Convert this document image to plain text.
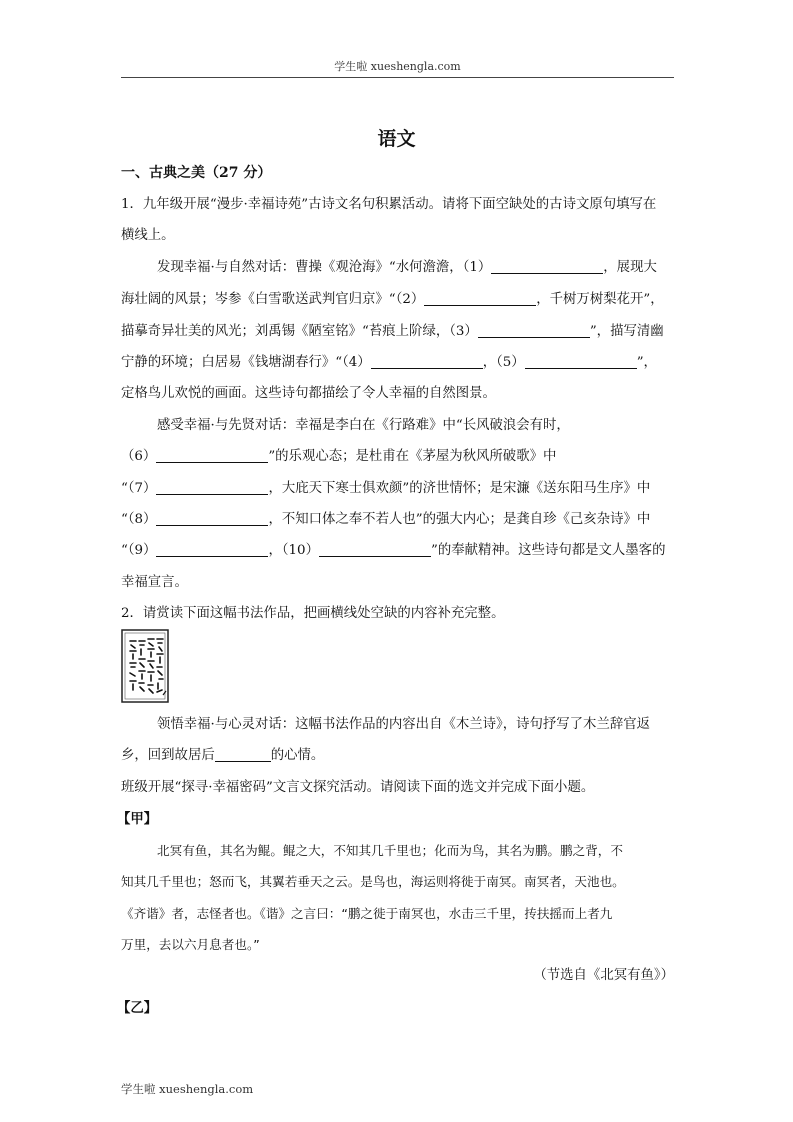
学生啦 xueshengla.com
语文
一、古典之美（27 分）
1．九年级开展“漫步·幸福诗苑”古诗文名句积累活动。请将下面空缺处的古诗文原句填写在
横线上。
发现幸福·与自然对话：曹操《观沧海》“水何澹澹，（1）	，展现大
海壮阔的风景；岑参《白雪歌送武判官归京》“（2）	，千树万树梨花开”，
描摹奇异壮美的风光；刘禹锡《陋室铭》“苔痕上阶绿，（3）	”，描写清幽
宁静的环境；白居易《钱塘湖春行》“（4）	，（5）	”，
定格鸟儿欢悦的画面。这些诗句都描绘了令人幸福的自然图景。
感受幸福·与先贤对话：幸福是李白在《行路难》中“长风破浪会有时，
（6）	”的乐观心态；是杜甫在《茅屋为秋风所破歌》中
“（7）	，大庇天下寒士俱欢颜”的济世情怀；是宋濂《送东阳马生序》中
“（8）	，不知口体之奉不若人也”的强大内心；是龚自珍《己亥杂诗》中
“（9）	，（10）	”的奉献精神。这些诗句都是文人墨客的
幸福宣言。
2．请赏读下面这幅书法作品，把画横线处空缺的内容补充完整。
领悟幸福·与心灵对话：这幅书法作品的内容出自《木兰诗》，诗句抒写了木兰辞官返
乡，回到故居后	的心情。
班级开展“探寻·幸福密码”文言文探究活动。请阅读下面的选文并完成下面小题。
【甲】
北冥有鱼，其名为鲲。鲲之大，不知其几千里也；化而为鸟，其名为鹏。鹏之背，不
知其几千里也；怒而飞，其翼若垂天之云。是鸟也，海运则将徙于南冥。南冥者，天池也。
《齐谐》者，志怪者也。《谐》之言曰：“鹏之徙于南冥也，水击三千里，抟扶摇而上者九
万里，去以六月息者也。”
（节选自《北冥有鱼》）
【乙】
学生啦 xueshengla.com
